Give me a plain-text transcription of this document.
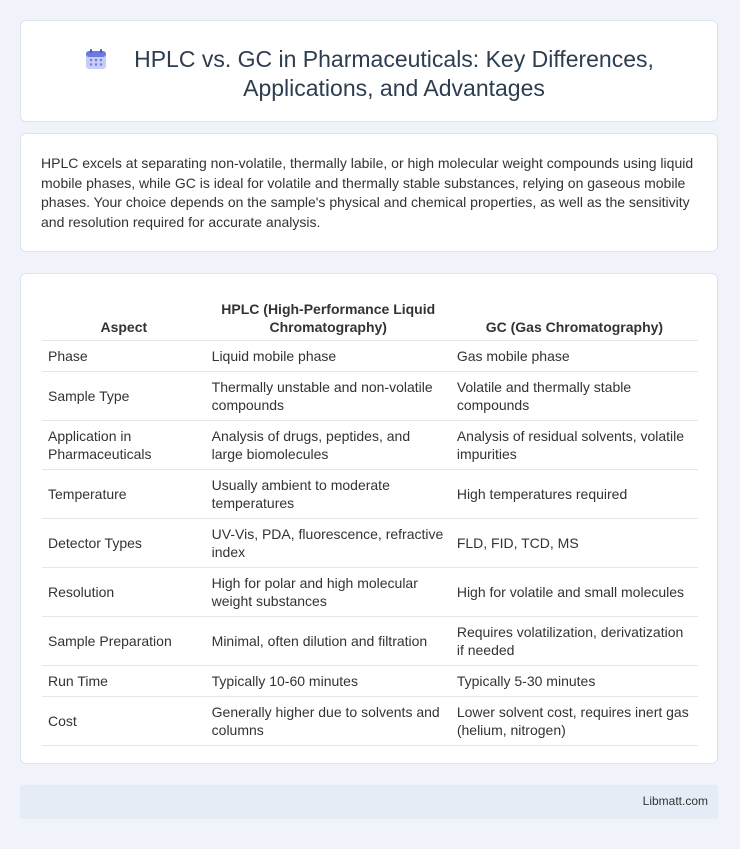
HPLC vs. GC in Pharmaceuticals: Key Differences, Applications, and Advantages

HPLC excels at separating non-volatile, thermally labile, or high molecular weight compounds using liquid mobile phases, while GC is ideal for volatile and thermally stable substances, relying on gaseous mobile phases. Your choice depends on the sample's physical and chemical properties, as well as the sensitivity and resolution required for accurate analysis.

Aspect	HPLC (High-Performance Liquid Chromatography)	GC (Gas Chromatography)
Phase	Liquid mobile phase	Gas mobile phase
Sample Type	Thermally unstable and non-volatile compounds	Volatile and thermally stable compounds
Application in Pharmaceuticals	Analysis of drugs, peptides, and large biomolecules	Analysis of residual solvents, volatile impurities
Temperature	Usually ambient to moderate temperatures	High temperatures required
Detector Types	UV-Vis, PDA, fluorescence, refractive index	FLD, FID, TCD, MS
Resolution	High for polar and high molecular weight substances	High for volatile and small molecules
Sample Preparation	Minimal, often dilution and filtration	Requires volatilization, derivatization if needed
Run Time	Typically 10-60 minutes	Typically 5-30 minutes
Cost	Generally higher due to solvents and columns	Lower solvent cost, requires inert gas (helium, nitrogen)
Libmatt.com
